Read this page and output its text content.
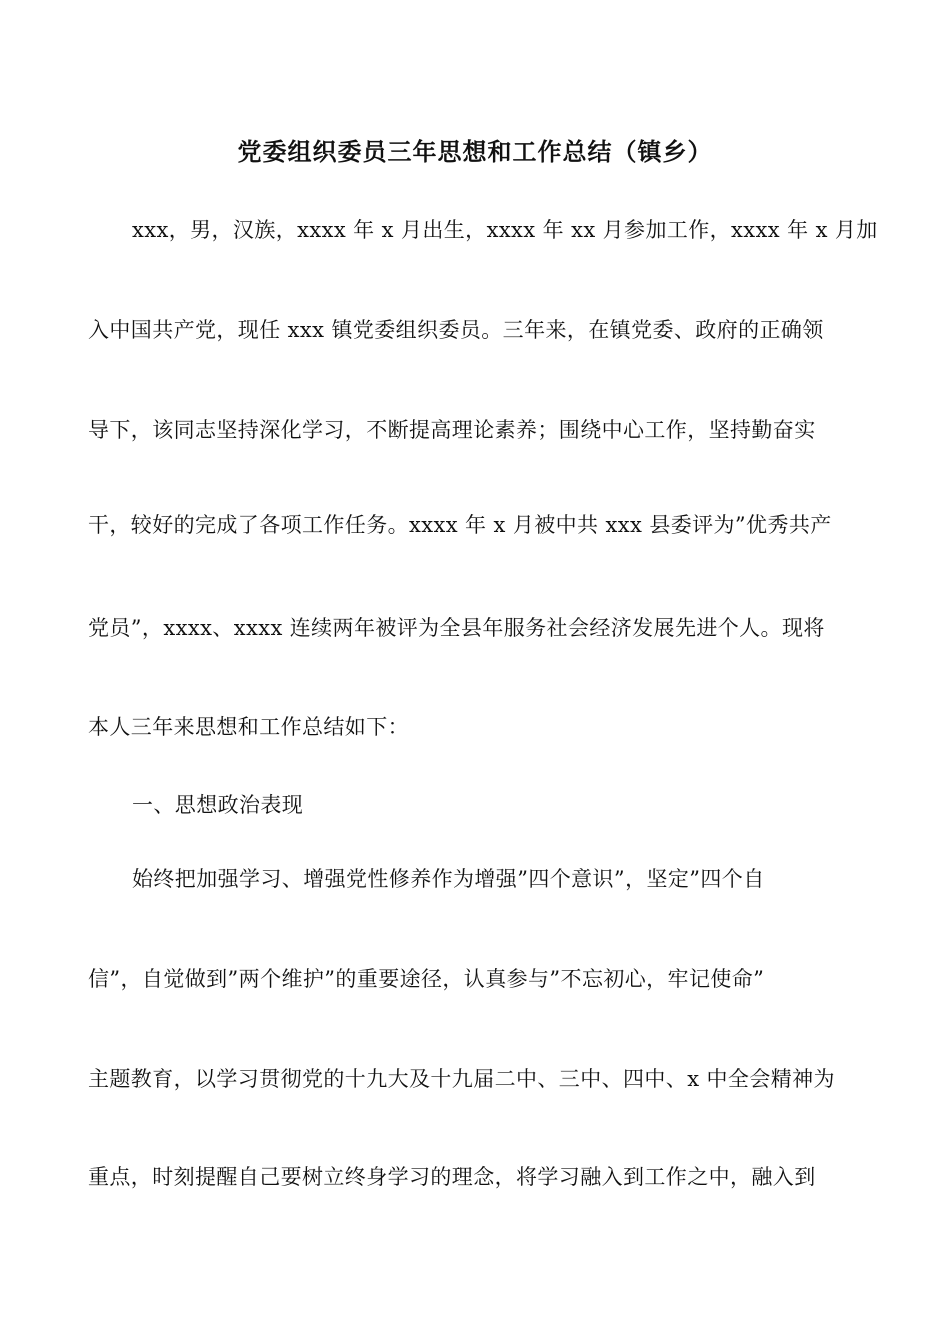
党委组织委员三年思想和工作总结（镇乡）
xxx，男，汉族，xxxx 年 x 月出生，xxxx 年 xx 月参加工作，xxxx 年 x 月加
入中国共产党，现任 xxx 镇党委组织委员。三年来，在镇党委、政府的正确领
导下，该同志坚持深化学习，不断提高理论素养；围绕中心工作，坚持勤奋实
干，较好的完成了各项工作任务。xxxx 年 x 月被中共 xxx 县委评为”优秀共产
党员”，xxxx、xxxx 连续两年被评为全县年服务社会经济发展先进个人。现将
本人三年来思想和工作总结如下：
一、思想政治表现
始终把加强学习、增强党性修养作为增强”四个意识”，坚定”四个自
信”，自觉做到”两个维护”的重要途径，认真参与”不忘初心，牢记使命”
主题教育，以学习贯彻党的十九大及十九届二中、三中、四中、x 中全会精神为
重点，时刻提醒自己要树立终身学习的理念，将学习融入到工作之中，融入到
